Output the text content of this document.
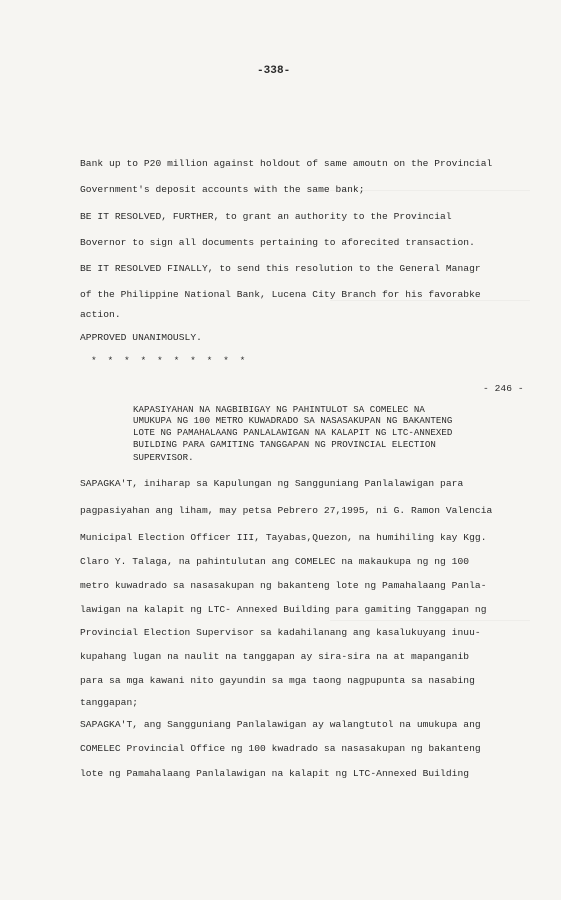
-338-
Bank up to P20 million against holdout of same amoutn on the Provincial
Government's deposit accounts with the same bank;
BE IT RESOLVED, FURTHER, to grant an authority to the Provincial
Bovernor to sign all documents pertaining to aforecited transaction.
BE IT RESOLVED FINALLY, to send this resolution to the General Managr
of the Philippine National Bank, Lucena City Branch for his favorabke
action.
APPROVED UNANIMOUSLY.
* * * * * * * * * *
- 246 -
KAPASIYAHAN NA NAGBIBIGAY NG PAHINTULOT SA COMELEC NA
UMUKUPA NG 100 METRO KUWADRADO SA NASASAKUPAN NG BAKANTENG
LOTE NG PAMAHALAANG PANLALAWIGAN NA KALAPIT NG LTC-ANNEXED
BUILDING PARA GAMITING TANGGAPAN NG PROVINCIAL ELECTION
SUPERVISOR.
SAPAGKA'T, iniharap sa Kapulungan ng Sangguniang Panlalawigan para
pagpasiyahan ang liham, may petsa Pebrero 27,1995, ni G. Ramon Valencia
Municipal Election Officer III, Tayabas,Quezon, na humihiling kay Kgg.
Claro Y. Talaga, na pahintulutan ang COMELEC na makaukupa ng ng 100
metro kuwadrado sa nasasakupan ng bakanteng lote ng Pamahalaang Panla-
lawigan na kalapit ng LTC- Annexed Building para gamiting Tanggapan ng
Provincial Election Supervisor sa kadahilanang ang kasalukuyang inuu-
kupahang lugan na naulit na tanggapan ay sira-sira na at mapanganib
para sa mga kawani nito gayundin sa mga taong nagpupunta sa nasabing
tanggapan;
SAPAGKA'T, ang Sangguniang Panlalawigan ay walangtutol na umukupa ang
COMELEC Provincial Office ng 100 kwadrado sa nasasakupan ng bakanteng
lote ng Pamahalaang Panlalawigan na kalapit ng LTC-Annexed Building
